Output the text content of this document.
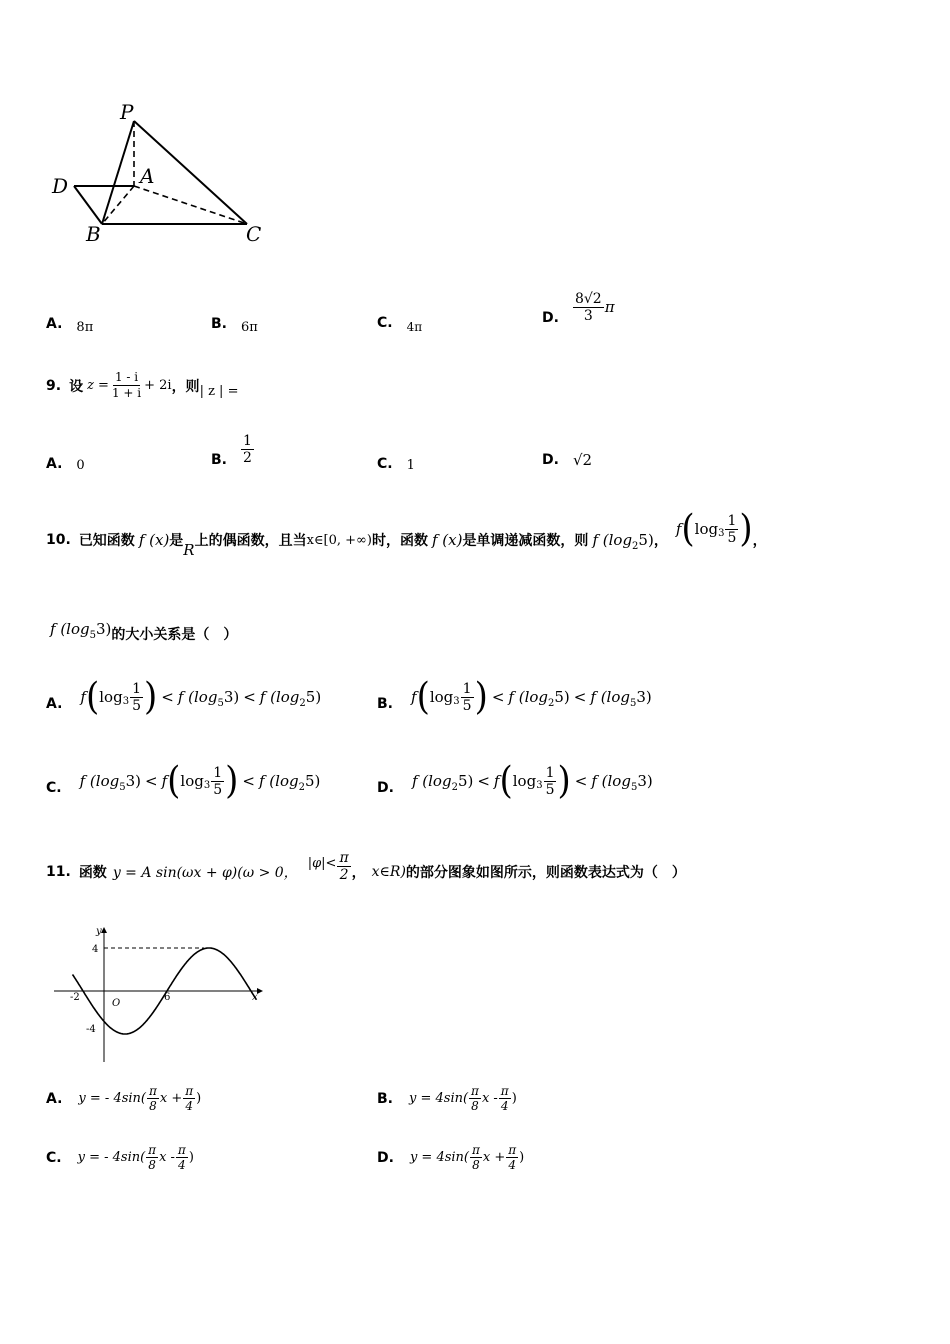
P
A
D
B	C
A. 8π	B. 6π	C. 4π
D. $\frac{8√2}{3}$ π
9. 设 $z = \frac{1 - i}{1 + i} + 2i$ ，则 | z | =
A. 0	B. $\frac{1}{2}$	C. 1	D. √2
10. 已知函数 f (x) 是 R 上的偶函数，且当 x∈[0, +∞) 时，函数 f (x) 是单调递减函数，则 f $(\log_25)$ ，
f ( $\log 3 \frac{1}{5}$ ) ，
f $(\log_53)$ 的大小关系是（　）
A. f ( $\log 3 \frac{1}{5}$ ) < f $(\log_53) < f$ $(\log_25)$	B. f ( $\log 3 \frac{1}{5}$ ) < f $(\log_25) < f$ $(\log_53)$
C. f $(\log_53) < f$ ( $\log 3 \frac{1}{5}$ ) < f $(\log_25)$	D. f $(\log_25) < f$ ( $\log 3 \frac{1}{5}$ ) < f $(\log_53)$
11. 函数 y = A sin(ωx + φ)(ω > 0，
$|\varphi|< \frac{\pi}{2}$ ， x∈R) 的部分图象如图所示，则函数表达式为（　）
y
x
O
4
-4
-2	6
A. y = - $4\sin( \frac{\pi}{8}$ $x + \frac{\pi}{4}$ )	B. $y = 4\sin( \frac{\pi}{8}$ x - $\frac{\pi}{4}$ )
C. y = - $4\sin( \frac{\pi}{8}$ x - $\frac{\pi}{4}$ )	D. $y = 4\sin( \frac{\pi}{8}$ $x + \frac{\pi}{4}$ )
